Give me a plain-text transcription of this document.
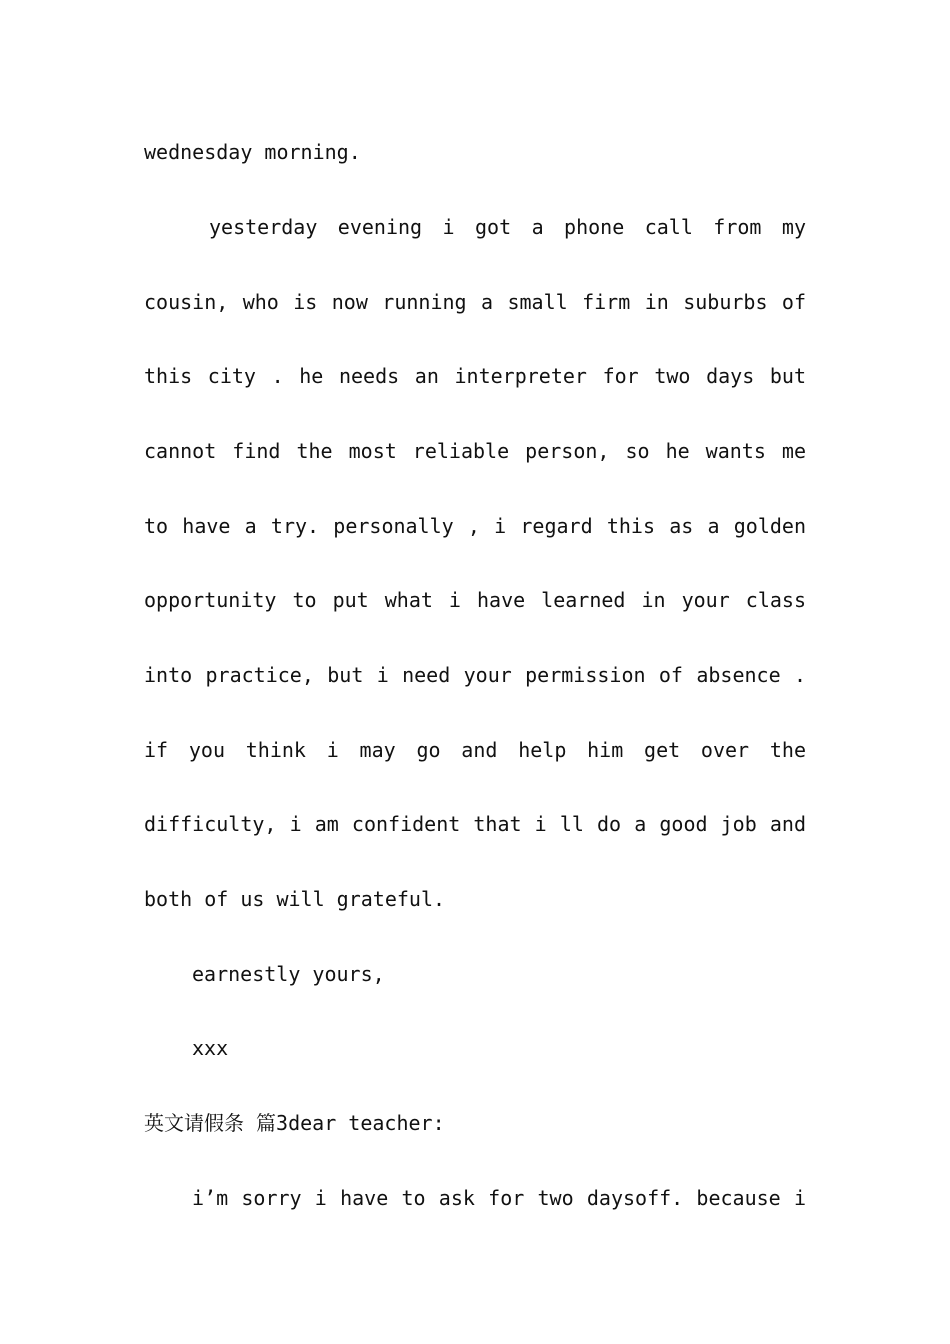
wednesday morning.
yesterday evening i got a phone call from my
cousin, who is now running a small firm in suburbs of
this city . he needs an interpreter for two days but
cannot find the most reliable person, so he wants me
to have a try. personally , i regard this as a golden
opportunity to put what i have learned in your class
into practice, but i need your permission of absence .
if you think i may go and help him get over the
difficulty, i am confident that i ll do a good job and
both of us will grateful.
earnestly yours,
xxx
英文请假条 篇3dear teacher:
i’m sorry i have to ask for two daysoff. because i
